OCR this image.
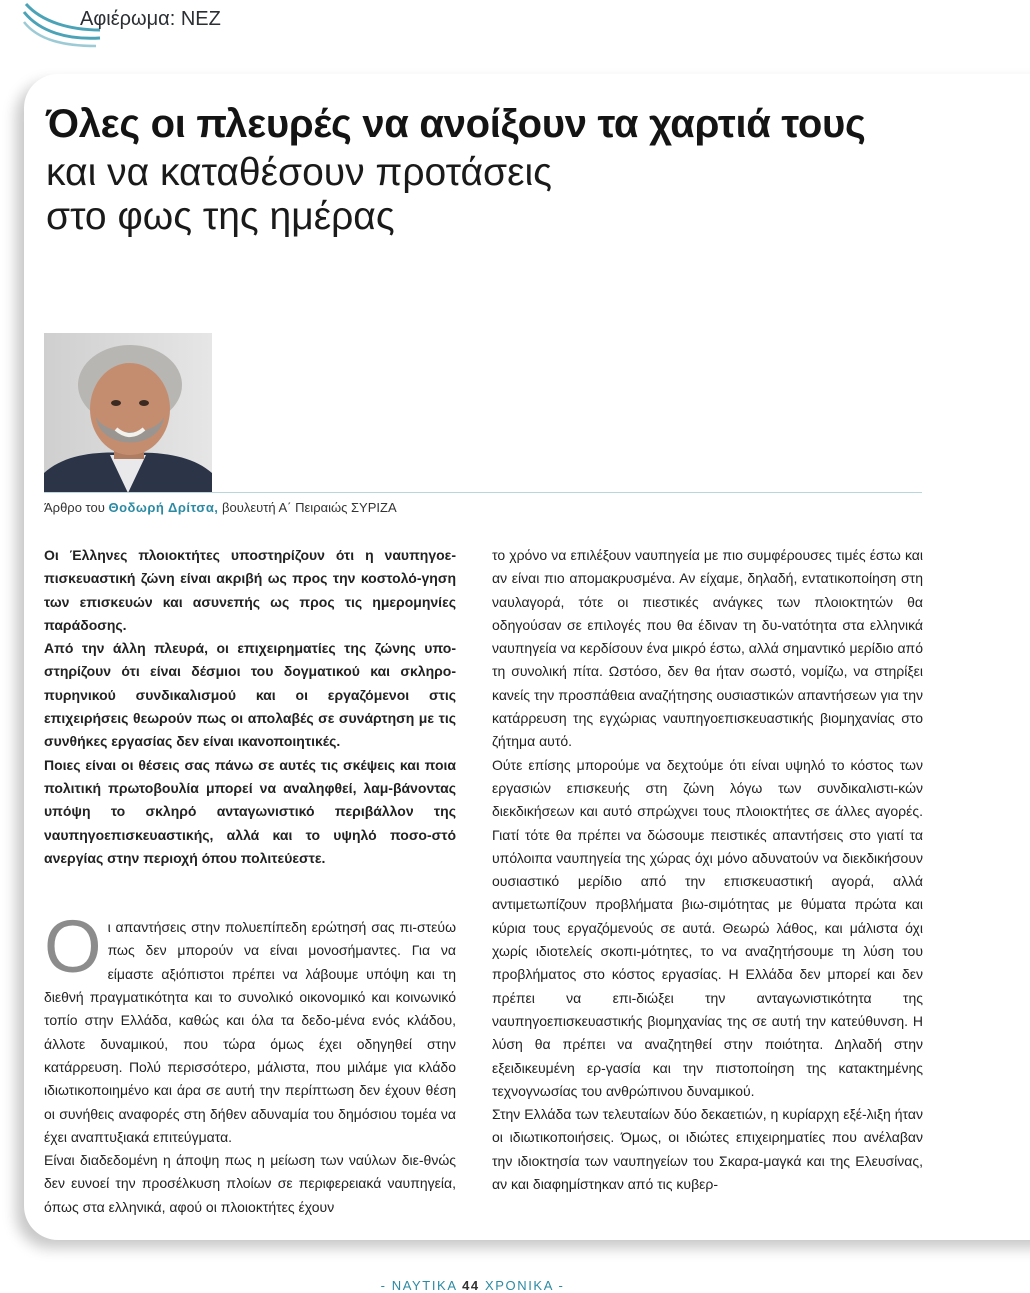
Αφιέρωμα: ΝΕΖ
Όλες οι πλευρές να ανοίξουν τα χαρτιά τους
και να καταθέσουν προτάσεις
στο φως της ημέρας
Άρθρο του Θοδωρή Δρίτσα, βουλευτή Α΄ Πειραιώς ΣΥΡΙΖΑ

Οι Έλληνες πλοιοκτήτες υποστηρίζουν ότι η ναυπηγοε-πισκευαστική ζώνη είναι ακριβή ως προς την κοστολό-γηση των επισκευών και ασυνεπής ως προς τις ημερομηνίες παράδοσης.

Από την άλλη πλευρά, οι επιχειρηματίες της ζώνης υπο-στηρίζουν ότι είναι δέσμιοι του δογματικού και σκληρο-πυρηνικού συνδικαλισμού και οι εργαζόμενοι στις επιχειρήσεις θεωρούν πως οι απολαβές σε συνάρτηση με τις συνθήκες εργασίας δεν είναι ικανοποιητικές.

Ποιες είναι οι θέσεις σας πάνω σε αυτές τις σκέψεις και ποια πολιτική πρωτοβουλία μπορεί να αναληφθεί, λαμ-βάνοντας υπόψη το σκληρό ανταγωνιστικό περιβάλλον της ναυπηγοεπισκευαστικής, αλλά και το υψηλό ποσο-στό ανεργίας στην περιοχή όπου πολιτεύεστε.

Οι απαντήσεις στην πολυεπίπεδη ερώτησή σας πι-στεύω πως δεν μπορούν να είναι μονοσήμαντες. Για να είμαστε αξιόπιστοι πρέπει να λάβουμε υπόψη και τη διεθνή πραγματικότητα και το συνολικό οικονομικό και κοινωνικό τοπίο στην Ελλάδα, καθώς και όλα τα δεδο-μένα ενός κλάδου, άλλοτε δυναμικού, που τώρα όμως έχει οδηγηθεί στην κατάρρευση. Πολύ περισσότερο, μάλιστα, που μιλάμε για κλάδο ιδιωτικοποιημένο και άρα σε αυτή την περίπτωση δεν έχουν θέση οι συνήθεις αναφορές στη δήθεν αδυναμία του δημόσιου τομέα να έχει αναπτυξιακά επιτεύγματα.

Είναι διαδεδομένη η άποψη πως η μείωση των ναύλων διε-θνώς δεν ευνοεί την προσέλκυση πλοίων σε περιφερειακά ναυπηγεία, όπως στα ελληνικά, αφού οι πλοιοκτήτες έχουν

το χρόνο να επιλέξουν ναυπηγεία με πιο συμφέρουσες τιμές έστω και αν είναι πιο απομακρυσμένα. Αν είχαμε, δηλαδή, εντατικοποίηση στη ναυλαγορά, τότε οι πιεστικές ανάγκες των πλοιοκτητών θα οδηγούσαν σε επιλογές που θα έδιναν τη δυ-νατότητα στα ελληνικά ναυπηγεία να κερδίσουν ένα μικρό έστω, αλλά σημαντικό μερίδιο από τη συνολική πίτα. Ωστόσο, δεν θα ήταν σωστό, νομίζω, να στηρίξει κανείς την προσπάθεια αναζήτησης ουσιαστικών απαντήσεων για την κατάρρευση της εγχώριας ναυπηγοεπισκευαστικής βιομηχανίας στο ζήτημα αυτό.

Ούτε επίσης μπορούμε να δεχτούμε ότι είναι υψηλό το κόστος των εργασιών επισκευής στη ζώνη λόγω των συνδικαλιστι-κών διεκδικήσεων και αυτό σπρώχνει τους πλοιοκτήτες σε άλλες αγορές. Γιατί τότε θα πρέπει να δώσουμε πειστικές απαντήσεις στο γιατί τα υπόλοιπα ναυπηγεία της χώρας όχι μόνο αδυνατούν να διεκδικήσουν ουσιαστικό μερίδιο από την επισκευαστική αγορά, αλλά αντιμετωπίζουν προβλήματα βιω-σιμότητας με θύματα πρώτα και κύρια τους εργαζόμενούς σε αυτά. Θεωρώ λάθος, και μάλιστα όχι χωρίς ιδιοτελείς σκοπι-μότητες, το να αναζητήσουμε τη λύση του προβλήματος στο κόστος εργασίας. Η Ελλάδα δεν μπορεί και δεν πρέπει να επι-διώξει την ανταγωνιστικότητα της ναυπηγοεπισκευαστικής βιομηχανίας της σε αυτή την κατεύθυνση. Η λύση θα πρέπει να αναζητηθεί στην ποιότητα. Δηλαδή στην εξειδικευμένη ερ-γασία και την πιστοποίηση της κατακτημένης τεχνογνωσίας του ανθρώπινου δυναμικού.

Στην Ελλάδα των τελευταίων δύο δεκαετιών, η κυρίαρχη εξέ-λιξη ήταν οι ιδιωτικοποιήσεις. Όμως, οι ιδιώτες επιχειρηματίες που ανέλαβαν την ιδιοκτησία των ναυπηγείων του Σκαρα-μαγκά και της Ελευσίνας, αν και διαφημίστηκαν από τις κυβερ-

- ΝΑΥΤΙΚΑ 44 ΧΡΟΝΙΚΑ -
